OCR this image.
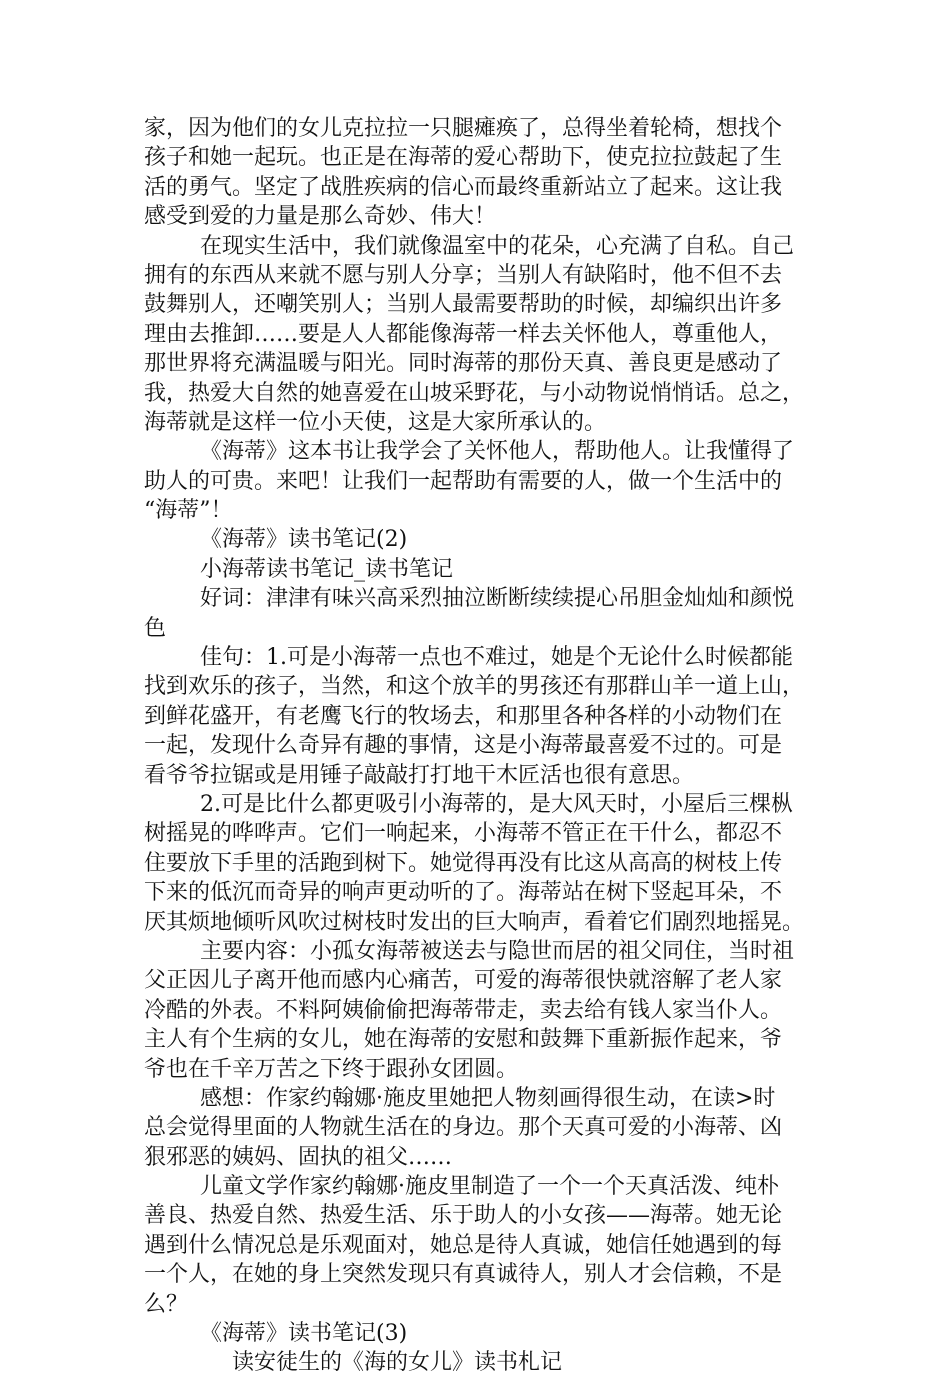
家，因为他们的女儿克拉拉一只腿瘫痪了，总得坐着轮椅，想找个
孩子和她一起玩。也正是在海蒂的爱心帮助下，使克拉拉鼓起了生
活的勇气。坚定了战胜疾病的信心而最终重新站立了起来。这让我
感受到爱的力量是那么奇妙、伟大！
在现实生活中，我们就像温室中的花朵，心充满了自私。自己
拥有的东西从来就不愿与别人分享；当别人有缺陷时，他不但不去
鼓舞别人，还嘲笑别人；当别人最需要帮助的时候，却编织出许多
理由去推卸……要是人人都能像海蒂一样去关怀他人，尊重他人，
那世界将充满温暖与阳光。同时海蒂的那份天真、善良更是感动了
我，热爱大自然的她喜爱在山坡采野花，与小动物说悄悄话。总之，
海蒂就是这样一位小天使，这是大家所承认的。
《海蒂》这本书让我学会了关怀他人，帮助他人。让我懂得了
助人的可贵。来吧！让我们一起帮助有需要的人，做一个生活中的
“海蒂”！
《海蒂》读书笔记(2)
小海蒂读书笔记_读书笔记
好词：津津有味兴高采烈抽泣断断续续提心吊胆金灿灿和颜悦
色
佳句：1.可是小海蒂一点也不难过，她是个无论什么时候都能
找到欢乐的孩子，当然，和这个放羊的男孩还有那群山羊一道上山，
到鲜花盛开，有老鹰飞行的牧场去，和那里各种各样的小动物们在
一起，发现什么奇异有趣的事情，这是小海蒂最喜爱不过的。可是
看爷爷拉锯或是用锤子敲敲打打地干木匠活也很有意思。
2.可是比什么都更吸引小海蒂的，是大风天时，小屋后三棵枞
树摇晃的哗哗声。它们一响起来，小海蒂不管正在干什么，都忍不
住要放下手里的活跑到树下。她觉得再没有比这从高高的树枝上传
下来的低沉而奇异的响声更动听的了。海蒂站在树下竖起耳朵，不
厌其烦地倾听风吹过树枝时发出的巨大响声，看着它们剧烈地摇晃。
主要内容：小孤女海蒂被送去与隐世而居的祖父同住，当时祖
父正因儿子离开他而感内心痛苦，可爱的海蒂很快就溶解了老人家
冷酷的外表。不料阿姨偷偷把海蒂带走，卖去给有钱人家当仆人。
主人有个生病的女儿，她在海蒂的安慰和鼓舞下重新振作起来，爷
爷也在千辛万苦之下终于跟孙女团圆。
感想：作家约翰娜·施皮里她把人物刻画得很生动，在读>时
总会觉得里面的人物就生活在的身边。那个天真可爱的小海蒂、凶
狠邪恶的姨妈、固执的祖父……
儿童文学作家约翰娜·施皮里制造了一个一个天真活泼、纯朴
善良、热爱自然、热爱生活、乐于助人的小女孩——海蒂。她无论
遇到什么情况总是乐观面对，她总是待人真诚，她信任她遇到的每
一个人，在她的身上突然发现只有真诚待人，别人才会信赖，不是
么？
《海蒂》读书笔记(3)
读安徒生的《海的女儿》读书札记
